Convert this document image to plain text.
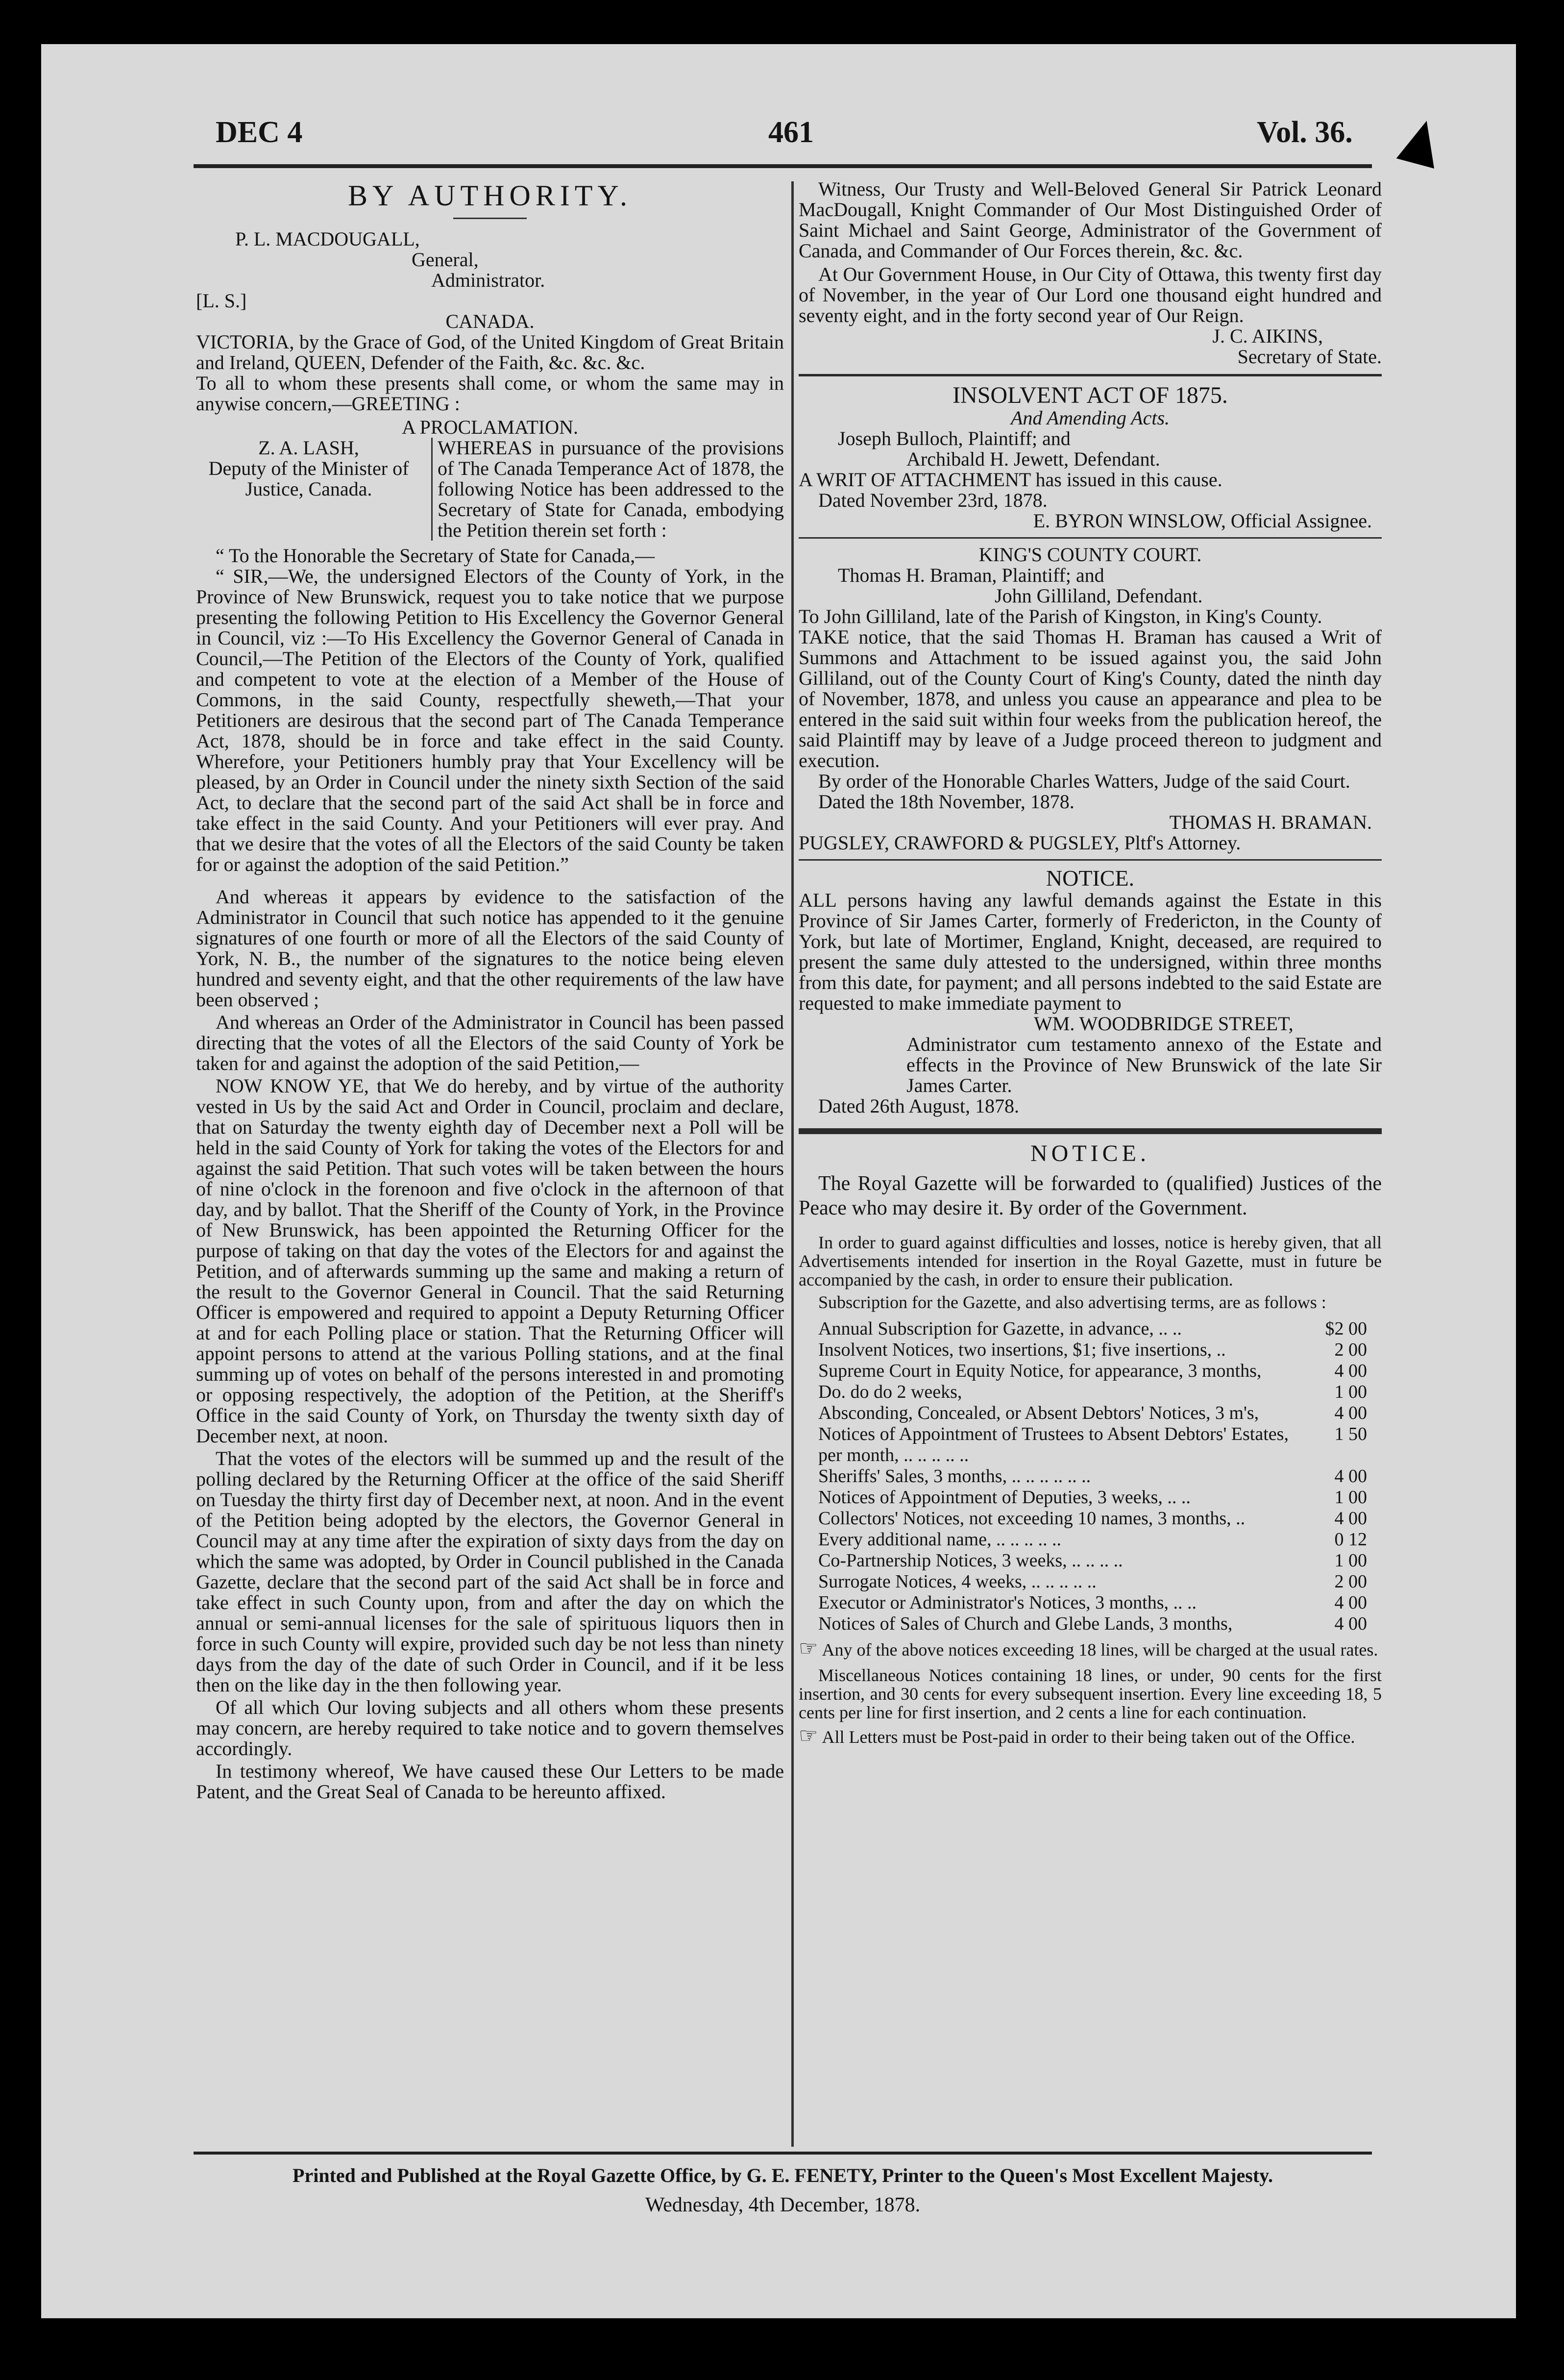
DEC 4	461	Vol. 36.
BY AUTHORITY.
P. L. MACDOUGALL,
General,
Administrator.
[L. S.]
CANADA.

VICTORIA, by the Grace of God, of the United Kingdom of Great Britain and Ireland, QUEEN, Defender of the Faith, &c. &c. &c.

To all to whom these presents shall come, or whom the same may in anywise concern,—GREETING :

A PROCLAMATION.
Z. A. LASH,
Deputy of the Minister of Justice, Canada.

WHEREAS in pursuance of the provisions of The Canada Temperance Act of 1878, the following Notice has been addressed to the Secretary of State for Canada, embodying the Petition therein set forth :

“ To the Honorable the Secretary of State for Canada,—

“ SIR,—We, the undersigned Electors of the County of York, in the Province of New Brunswick, request you to take notice that we purpose presenting the following Petition to His Excellency the Governor General in Council, viz :—To His Excellency the Governor General of Canada in Council,—The Petition of the Electors of the County of York, qualified and competent to vote at the election of a Member of the House of Commons, in the said County, respectfully sheweth,—That your Petitioners are desirous that the second part of The Canada Temperance Act, 1878, should be in force and take effect in the said County. Wherefore, your Petitioners humbly pray that Your Excellency will be pleased, by an Order in Council under the ninety sixth Section of the said Act, to declare that the second part of the said Act shall be in force and take effect in the said County. And your Petitioners will ever pray. And that we desire that the votes of all the Electors of the said County be taken for or against the adoption of the said Petition.”

And whereas it appears by evidence to the satisfaction of the Administrator in Council that such notice has appended to it the genuine signatures of one fourth or more of all the Electors of the said County of York, N. B., the number of the signatures to the notice being eleven hundred and seventy eight, and that the other requirements of the law have been observed ;

And whereas an Order of the Administrator in Council has been passed directing that the votes of all the Electors of the said County of York be taken for and against the adoption of the said Petition,—

NOW KNOW YE, that We do hereby, and by virtue of the authority vested in Us by the said Act and Order in Council, proclaim and declare, that on Saturday the twenty eighth day of December next a Poll will be held in the said County of York for taking the votes of the Electors for and against the said Petition. That such votes will be taken between the hours of nine o'clock in the forenoon and five o'clock in the afternoon of that day, and by ballot. That the Sheriff of the County of York, in the Province of New Brunswick, has been appointed the Returning Officer for the purpose of taking on that day the votes of the Electors for and against the Petition, and of afterwards summing up the same and making a return of the result to the Governor General in Council. That the said Returning Officer is empowered and required to appoint a Deputy Returning Officer at and for each Polling place or station. That the Returning Officer will appoint persons to attend at the various Polling stations, and at the final summing up of votes on behalf of the persons interested in and promoting or opposing respectively, the adoption of the Petition, at the Sheriff's Office in the said County of York, on Thursday the twenty sixth day of December next, at noon.

That the votes of the electors will be summed up and the result of the polling declared by the Returning Officer at the office of the said Sheriff on Tuesday the thirty first day of December next, at noon. And in the event of the Petition being adopted by the electors, the Governor General in Council may at any time after the expiration of sixty days from the day on which the same was adopted, by Order in Council published in the Canada Gazette, declare that the second part of the said Act shall be in force and take effect in such County upon, from and after the day on which the annual or semi-annual licenses for the sale of spirituous liquors then in force in such County will expire, provided such day be not less than ninety days from the day of the date of such Order in Council, and if it be less then on the like day in the then following year.

Of all which Our loving subjects and all others whom these presents may concern, are hereby required to take notice and to govern themselves accordingly.

In testimony whereof, We have caused these Our Letters to be made Patent, and the Great Seal of Canada to be hereunto affixed.

Witness, Our Trusty and Well-Beloved General Sir Patrick Leonard MacDougall, Knight Commander of Our Most Distinguished Order of Saint Michael and Saint George, Administrator of the Government of Canada, and Commander of Our Forces therein, &c. &c.

At Our Government House, in Our City of Ottawa, this twenty first day of November, in the year of Our Lord one thousand eight hundred and seventy eight, and in the forty second year of Our Reign.

J. C. AIKINS,
Secretary of State.
INSOLVENT ACT OF 1875.
And Amending Acts.
Joseph Bulloch, Plaintiff; and
Archibald H. Jewett, Defendant.
A WRIT OF ATTACHMENT has issued in this cause.
Dated November 23rd, 1878.
E. BYRON WINSLOW, Official Assignee.
KING'S COUNTY COURT.
Thomas H. Braman, Plaintiff; and
John Gilliland, Defendant.

To John Gilliland, late of the Parish of Kingston, in King's County.

TAKE notice, that the said Thomas H. Braman has caused a Writ of Summons and Attachment to be issued against you, the said John Gilliland, out of the County Court of King's County, dated the ninth day of November, 1878, and unless you cause an appearance and plea to be entered in the said suit within four weeks from the publication hereof, the said Plaintiff may by leave of a Judge proceed thereon to judgment and execution.

By order of the Honorable Charles Watters, Judge of the said Court.

Dated the 18th November, 1878.
THOMAS H. BRAMAN.
PUGSLEY, CRAWFORD & PUGSLEY, Pltf's Attorney.
NOTICE.

ALL persons having any lawful demands against the Estate in this Province of Sir James Carter, formerly of Fredericton, in the County of York, but late of Mortimer, England, Knight, deceased, are required to present the same duly attested to the undersigned, within three months from this date, for payment; and all persons indebted to the said Estate are requested to make immediate payment to

WM. WOODBRIDGE STREET,

Administrator cum testamento annexo of the Estate and effects in the Province of New Brunswick of the late Sir James Carter.

Dated 26th August, 1878.
NOTICE.

The Royal Gazette will be forwarded to (qualified) Justices of the Peace who may desire it. By order of the Government.

In order to guard against difficulties and losses, notice is hereby given, that all Advertisements intended for insertion in the Royal Gazette, must in future be accompanied by the cash, in order to ensure their publication.

Subscription for the Gazette, and also advertising terms, are as follows :

Annual Subscription for Gazette, in advance, .. ..	$2 00
Insolvent Notices, two insertions, $1; five insertions, ..	2 00
Supreme Court in Equity Notice, for appearance, 3 months,	4 00
Do. do do 2 weeks,	1 00
Absconding, Concealed, or Absent Debtors' Notices, 3 m's,	4 00
Notices of Appointment of Trustees to Absent Debtors' Estates, per month, .. .. .. .. ..
1 50
Sheriffs' Sales, 3 months, .. .. .. .. .. ..	4 00
Notices of Appointment of Deputies, 3 weeks, .. ..	1 00
Collectors' Notices, not exceeding 10 names, 3 months, ..	4 00
Every additional name, .. .. .. .. ..	0 12
Co-Partnership Notices, 3 weeks, .. .. .. ..	1 00
Surrogate Notices, 4 weeks, .. .. .. .. ..	2 00
Executor or Administrator's Notices, 3 months, .. ..	4 00
Notices of Sales of Church and Glebe Lands, 3 months,	4 00

☞ Any of the above notices exceeding 18 lines, will be charged at the usual rates.

Miscellaneous Notices containing 18 lines, or under, 90 cents for the first insertion, and 30 cents for every subsequent insertion. Every line exceeding 18, 5 cents per line for first insertion, and 2 cents a line for each continuation.

☞ All Letters must be Post-paid in order to their being taken out of the Office.

Printed and Published at the Royal Gazette Office, by G. E. FENETY, Printer to the Queen's Most Excellent Majesty.
Wednesday, 4th December, 1878.
